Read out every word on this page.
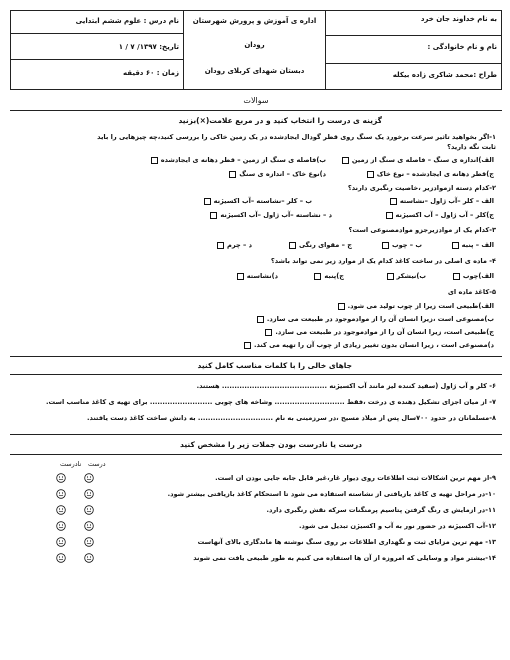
به نام خداوند جان خرد
نام و نام خانوادگی :
طراح :محمد شاکری زاده بیکله
اداره ی آموزش و پرورش شهرستان
رودان
دبستان شهدای کربلای رودان
نام درس : علوم ششم ابتدایی
تاریخ: ۱۳۹۷/ ۷ / ۱
زمان : ۶۰ دقیقه
سوالات
گزینه ی درست را انتخاب کنید و در مربع علامت(×)بزنید
۱-اگر بخواهید تاثیر سرعت برخورد یک سنگ روی قطر گودال ایجادشده در یک زمین خاکی را بررسی کنید،چه چیزهایی را باید
ثابت نگه دارید؟
الف)اندازه ی سنگ – فاصله ی سنگ از زمین
ب)فاصله ی سنگ از زمین – قطر دهانه ی ایجادشده
ج)قطر دهانه ی ایجادشده – نوع خاک
د)نوع خاک – اندازه ی سنگ
۲-کدام دسته ازموادزیر ،خاصیت رنگبری دارند؟
الف – کلر –آب ژاول –نشاسته
ب – کلر –نشاسته –آب اکسیژنه
ج)کلر – آب ژاول – آب اکسیژنه
د – نشاسته –آب ژاول –آب اکسیژنه
۳-کدام یک از موادزیرجزو موادمصنوعی است؟
الف – پنبه
ب – چوب
ج – مقوای رنگی
د – چرم
۴- ماده ی اصلی در ساخت کاغذ کدام یک از موارد زیر نمی تواند باشد؟
الف)چوب
ب)نیشکر
ج)پنبه
د)نشاسته
۵-کاغذ ماده ای
الف)طبیعی است زیرا از چوب تولید می شود.
ب)مصنوعی است ،زیرا انسان آن را از موادموجود در طبیعت می سازد.
ج)طبیعی است، زیرا انسان آن را از موادموجود در طبیعت می سازد.
د)مصنوعی است ، زیرا انسان بدون تغییر زیادی از چوب آن را تهیه می کند.
جاهای خالی را با کلمات مناسب کامل کنید
۶- کلر و آب ژاول (سفید کننده لیز مانند آب اکسیژنه .......................................... هستند.
۷- از میان اجزای تشکیل دهنده ی درخت ،فقط ............................ وشاخه های چوبی ......................... برای تهیه ی کاغذ مناسب است.
۸-مسلمانان در حدود ۷۰۰سال پس از میلاد مسیح ،در سرزمینی به نام .............................. به دانش ساخت کاغذ دست یافتند.
درست یا نادرست بودن جملات زیر را مشخص کنید
درست
نادرست
۹-از مهم ترین اشکالات ثبت اطلاعات روی دیوار غار،غیر قابل جابه جایی بودن ان است.
۱۰-در مراحل تهیه ی کاغذ بازیافتی از نشاسته استفاده می شود تا استحکام کاغذ بازیافتی بیشتر شود.
۱۱-در ازمایش ی رنگ گرفتن پتاسیم پرمنگنات سرکه نقش رنگبری دارد.
۱۲-آب اکسیژنه در حضور نور به آب و اکسیژن تبدیل می شود.
۱۳- مهم ترین مزایای ثبت و نگهداری اطلاعات بر روی سنگ نوشته ها ماندگاری بالای آنهاست
۱۴-بیشتر مواد و وسایلی که امروزه از آن ها استفاده می کنیم به طور طبیعی یافت نمی شوند
